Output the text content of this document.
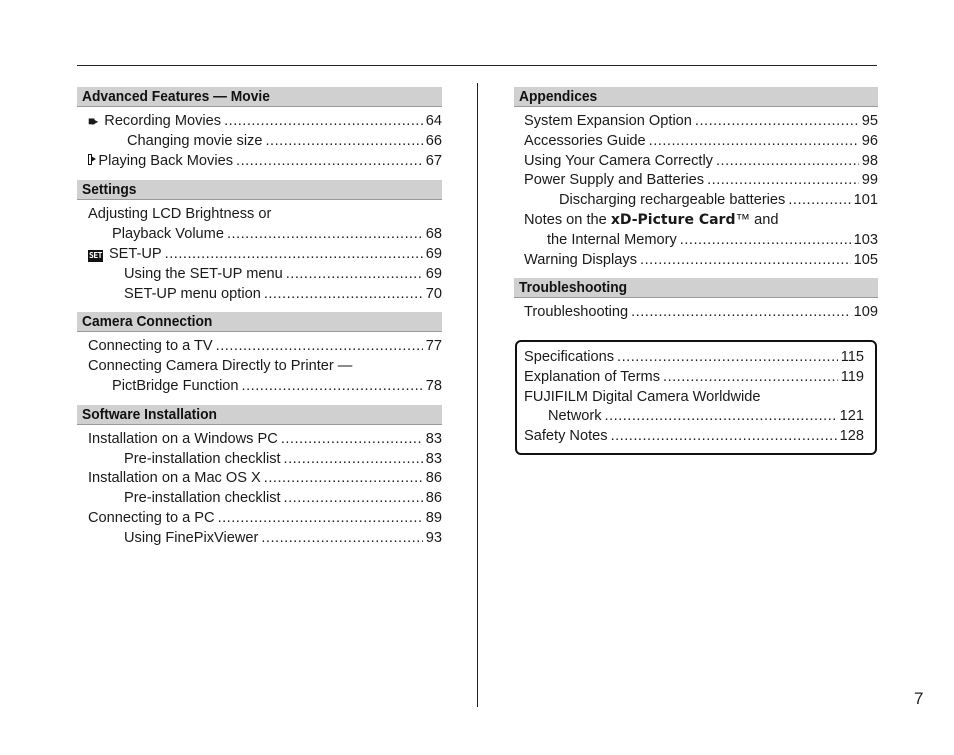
Advanced Features — Movie
■▸ Recording Movies .....	64
Changing movie size .....	66
Playing Back Movies .....	67
Settings
Adjusting LCD Brightness or
Playback Volume .....	68
SET SET-UP .....	69
Using the SET-UP menu .....	69
SET-UP menu option .....	70
Camera Connection
Connecting to a TV .....	77
Connecting Camera Directly to Printer —
PictBridge Function .....	78
Software Installation
Installation on a Windows PC .....	83
Pre-installation checklist .....	83
Installation on a Mac OS X .....	86
Pre-installation checklist .....	86
Connecting to a PC .....	89
Using FinePixViewer .....	93
Appendices
System Expansion Option .....	95
Accessories Guide .....	96
Using Your Camera Correctly .....	98
Power Supply and Batteries .....	99
Discharging rechargeable batteries .....	101
Notes on the xD-Picture Card™ and
the Internal Memory .....	103
Warning Displays .....	105
Troubleshooting
Troubleshooting .....	109
Specifications .....	115
Explanation of Terms .....	119
FUJIFILM Digital Camera Worldwide
Network .....	121
Safety Notes .....	128
7
